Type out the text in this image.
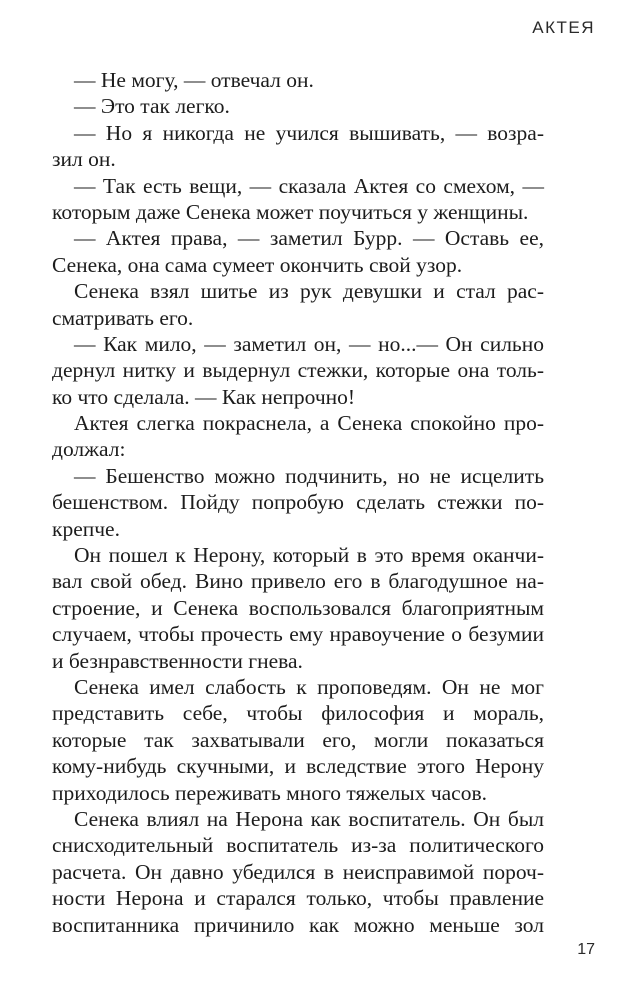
АКТЕЯ
— Не могу, — отвечал он.
— Это так легко.
— Но я никогда не учился вышивать, — возра-
зил он.
— Так есть вещи, — сказала Актея со смехом, —
которым даже Сенека может поучиться у женщины.
— Актея права, — заметил Бурр. — Оставь ее,
Сенека, она сама сумеет окончить свой узор.
Сенека взял шитье из рук девушки и стал рас-
сматривать его.
— Как мило, — заметил он, — но...— Он сильно
дернул нитку и выдернул стежки, которые она толь-
ко что сделала. — Как непрочно!
Актея слегка покраснела, а Сенека спокойно про-
должал:
— Бешенство можно подчинить, но не исцелить
бешенством. Пойду попробую сделать стежки по-
крепче.
Он пошел к Нерону, который в это время оканчи-
вал свой обед. Вино привело его в благодушное на-
строение, и Сенека воспользовался благоприятным
случаем, чтобы прочесть ему нравоучение о безумии
и безнравственности гнева.
Сенека имел слабость к проповедям. Он не мог
представить себе, чтобы философия и мораль,
которые так захватывали его, могли показаться
кому-нибудь скучными, и вследствие этого Нерону
приходилось переживать много тяжелых часов.
Сенека влиял на Нерона как воспитатель. Он был
снисходительный воспитатель из-за политического
расчета. Он давно убедился в неисправимой пороч-
ности Нерона и старался только, чтобы правление
воспитанника причинило как можно меньше зол
17
